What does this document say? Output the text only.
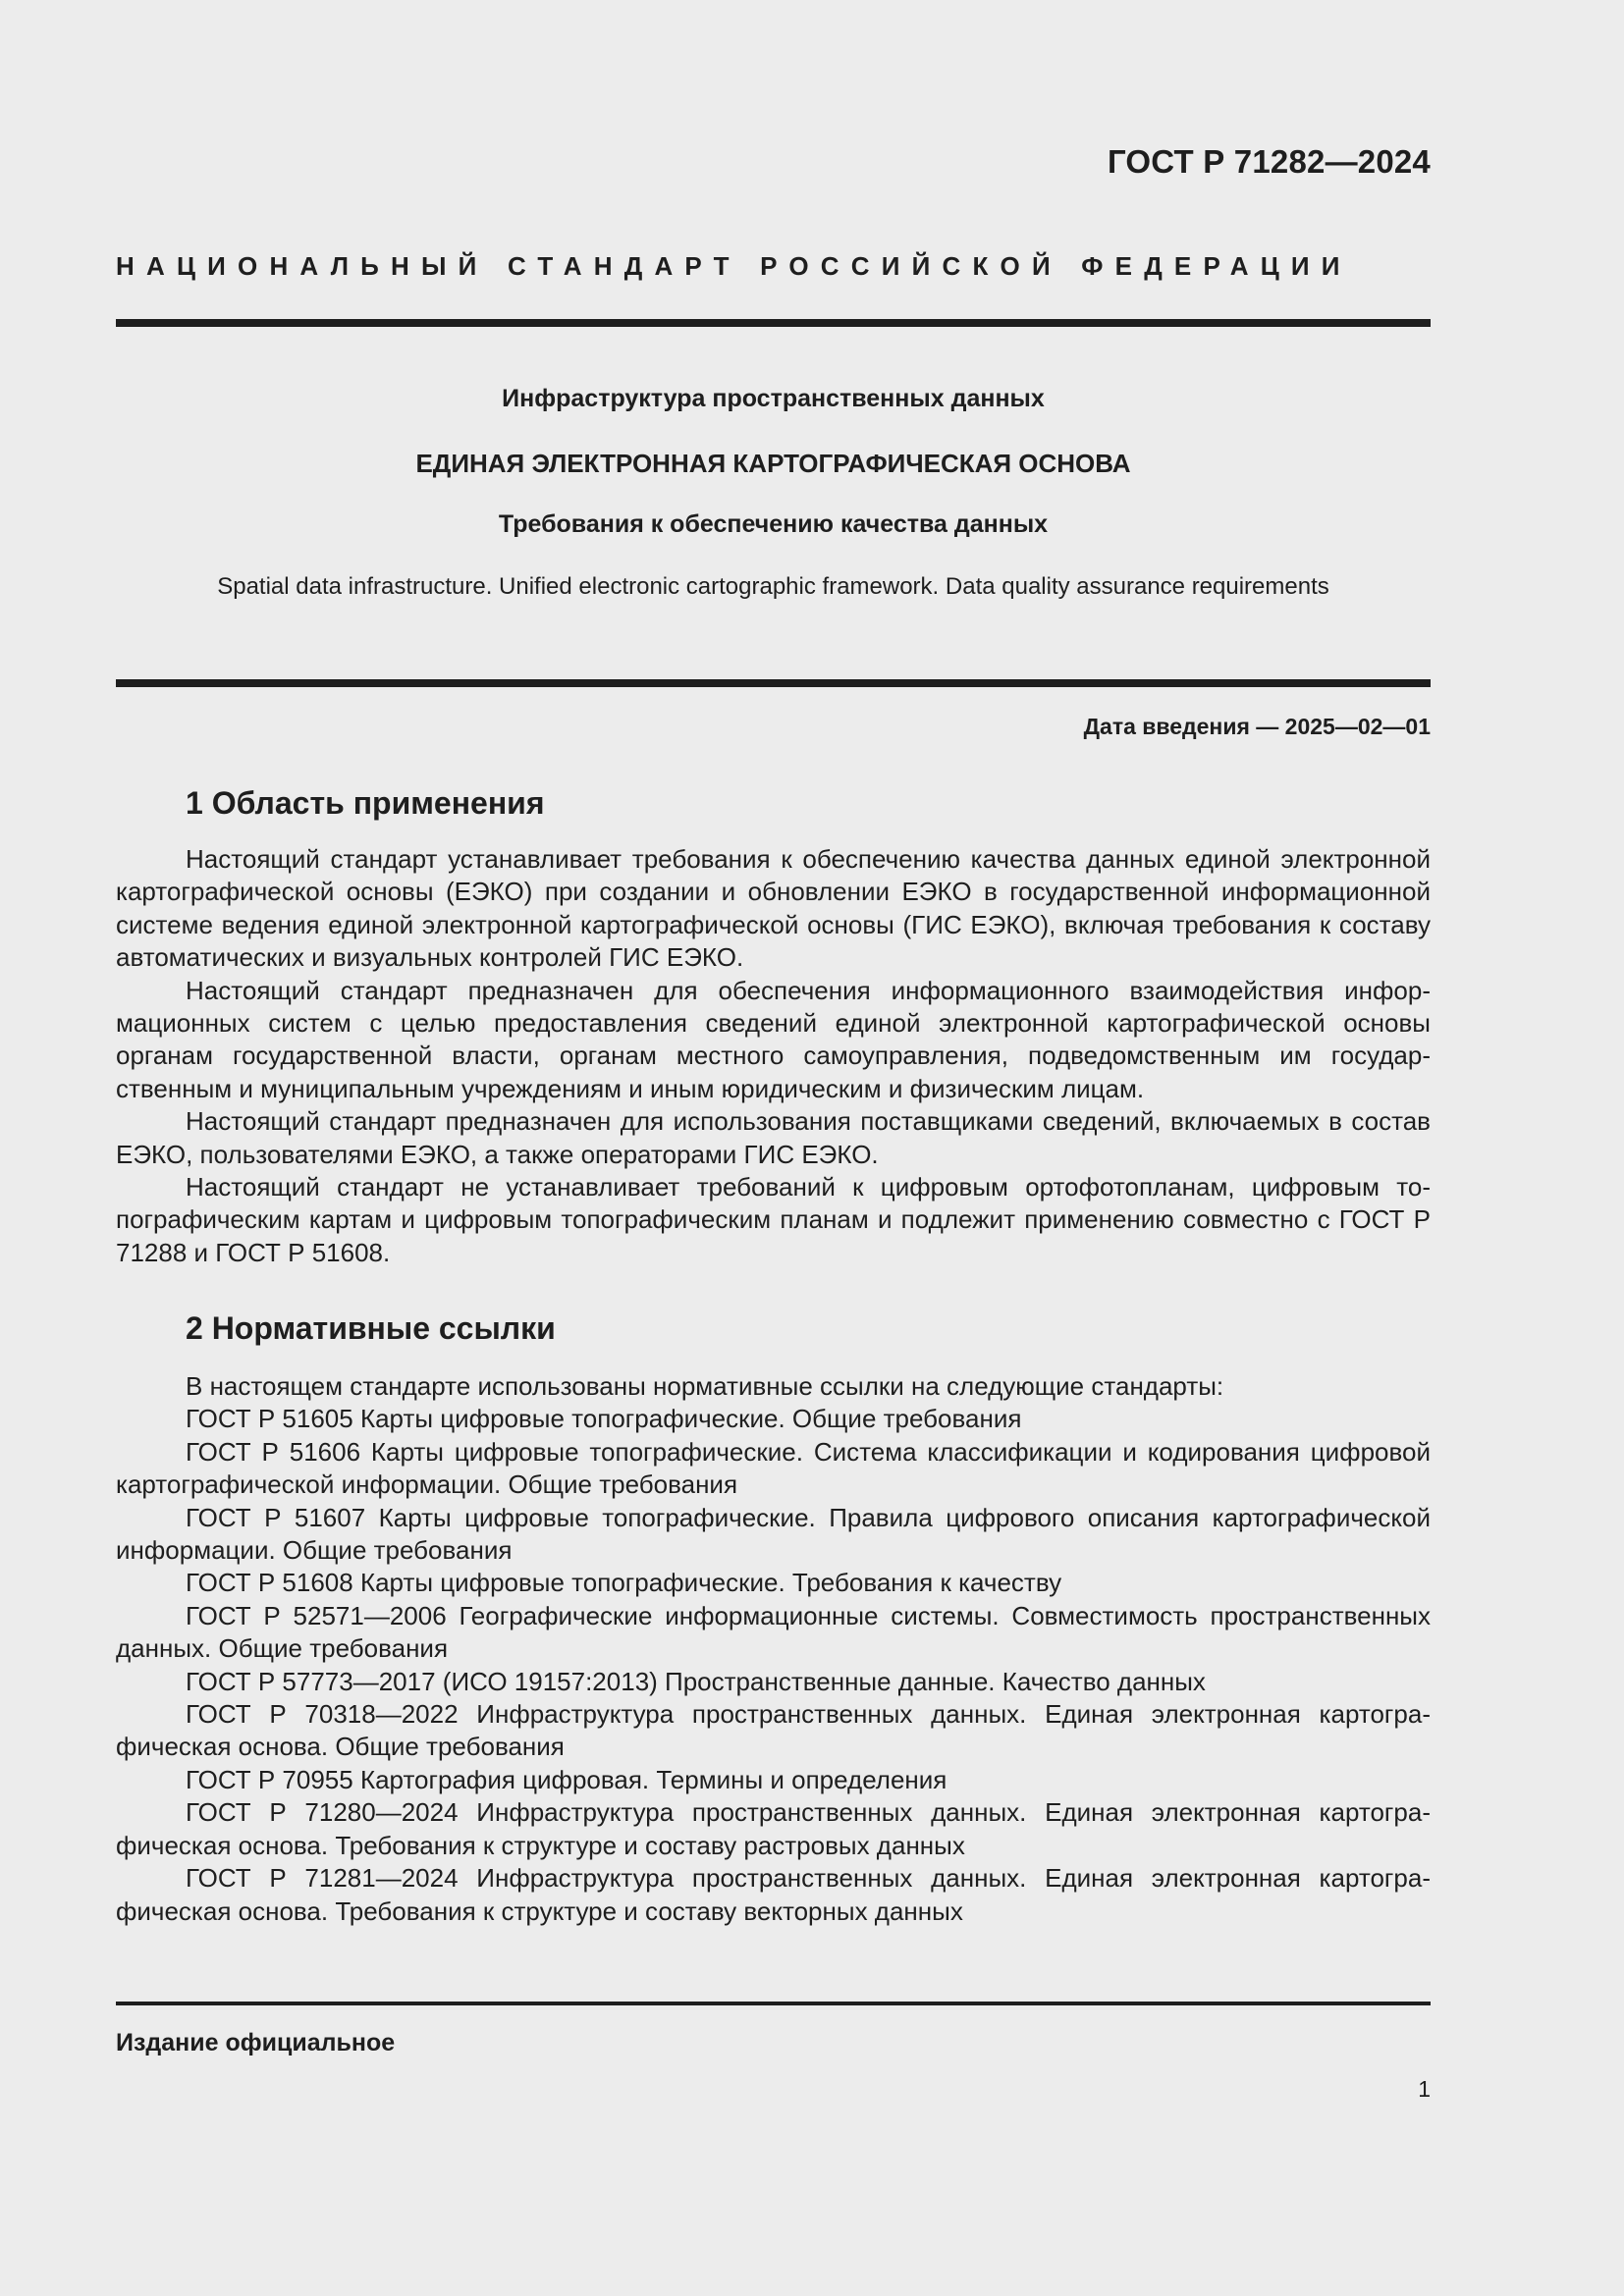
ГОСТ Р 71282—2024
НАЦИОНАЛЬНЫЙ СТАНДАРТ РОССИЙСКОЙ ФЕДЕРАЦИИ
Инфраструктура пространственных данных
ЕДИНАЯ ЭЛЕКТРОННАЯ КАРТОГРАФИЧЕСКАЯ ОСНОВА
Требования к обеспечению качества данных
Spatial data infrastructure. Unified electronic cartographic framework. Data quality assurance requirements
Дата введения — 2025—02—01
1 Область применения

Настоящий стандарт устанавливает требования к обеспечению качества данных единой электронной картографической основы (ЕЭКО) при создании и обновлении ЕЭКО в государственной информационной системе ведения единой электронной картографической основы (ГИС ЕЭКО), включая требования к составу автоматических и визуальных контролей ГИС ЕЭКО.

Настоящий стандарт предназначен для обеспечения информационного взаимодействия информационных систем с целью предоставления сведений единой электронной картографической основы органам государственной власти, органам местного самоуправления, подведомственным им государственным и муниципальным учреждениям и иным юридическим и физическим лицам.

Настоящий стандарт предназначен для использования поставщиками сведений, включаемых в состав ЕЭКО, пользователями ЕЭКО, а также операторами ГИС ЕЭКО.

Настоящий стандарт не устанавливает требований к цифровым ортофотопланам, цифровым топографическим картам и цифровым топографическим планам и подлежит применению совместно с ГОСТ Р 71288 и ГОСТ Р 51608.

2 Нормативные ссылки

В настоящем стандарте использованы нормативные ссылки на следующие стандарты:

ГОСТ Р 51605 Карты цифровые топографические. Общие требования

ГОСТ Р 51606 Карты цифровые топографические. Система классификации и кодирования цифровой картографической информации. Общие требования

ГОСТ Р 51607 Карты цифровые топографические. Правила цифрового описания картографической информации. Общие требования

ГОСТ Р 51608 Карты цифровые топографические. Требования к качеству

ГОСТ Р 52571—2006 Географические информационные системы. Совместимость пространственных данных. Общие требования

ГОСТ Р 57773—2017 (ИСО 19157:2013) Пространственные данные. Качество данных

ГОСТ Р 70318—2022 Инфраструктура пространственных данных. Единая электронная картографическая основа. Общие требования

ГОСТ Р 70955 Картография цифровая. Термины и определения

ГОСТ Р 71280—2024 Инфраструктура пространственных данных. Единая электронная картографическая основа. Требования к структуре и составу растровых данных

ГОСТ Р 71281—2024 Инфраструктура пространственных данных. Единая электронная картографическая основа. Требования к структуре и составу векторных данных

Издание официальное
1
